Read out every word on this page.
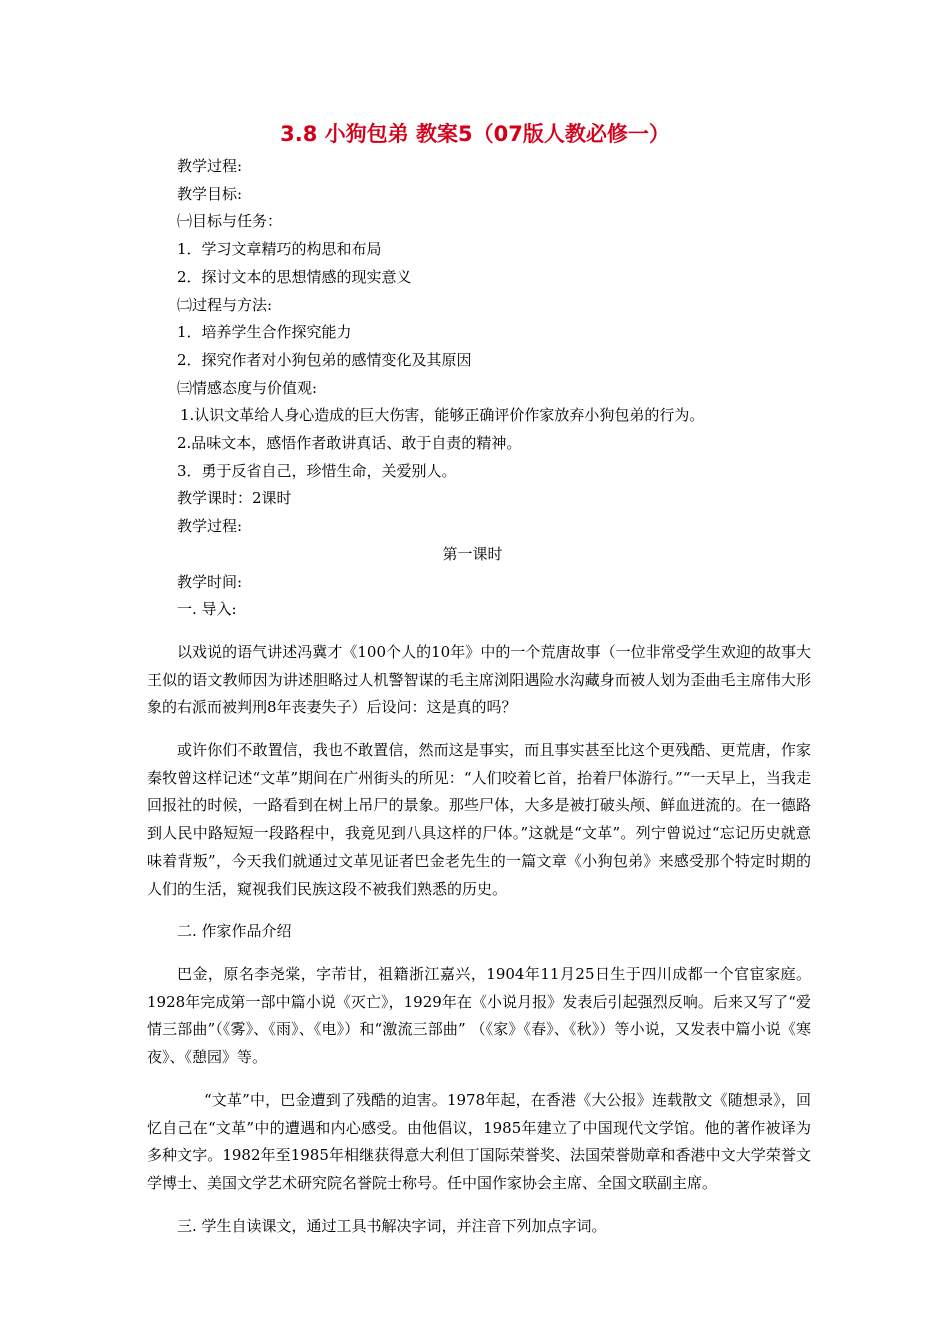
3.8 小狗包弟 教案5（07版人教必修一）
教学过程:
教学目标:
㈠目标与任务：
1．学习文章精巧的构思和布局
2．探讨文本的思想情感的现实意义
㈡过程与方法:
1．培养学生合作探究能力
2．探究作者对小狗包弟的感情变化及其原因
㈢情感态度与价值观:
1.认识文革给人身心造成的巨大伤害，能够正确评价作家放弃小狗包弟的行为。
2.品味文本，感悟作者敢讲真话、敢于自责的精神。
3．勇于反省自己，珍惜生命，关爱别人。
教学课时：2课时
教学过程:
第一课时
教学时间:
一. 导入:

以戏说的语气讲述冯冀才《100个人的10年》中的一个荒唐故事（一位非常受学生欢迎的故事大王似的语文教师因为讲述胆略过人机警智谋的毛主席浏阳遇险水沟藏身而被人划为歪曲毛主席伟大形象的右派而被判刑8年丧妻失子）后设问：这是真的吗？

或许你们不敢置信，我也不敢置信，然而这是事实，而且事实甚至比这个更残酷、更荒唐，作家秦牧曾这样记述“文革”期间在广州街头的所见：“人们咬着匕首，抬着尸体游行。”“一天早上，当我走回报社的时候，一路看到在树上吊尸的景象。那些尸体，大多是被打破头颅、鲜血迸流的。在一德路到人民中路短短一段路程中，我竟见到八具这样的尸体。”这就是“文革”。列宁曾说过“忘记历史就意味着背叛”，今天我们就通过文革见证者巴金老先生的一篇文章《小狗包弟》来感受那个特定时期的人们的生活，窥视我们民族这段不被我们熟悉的历史。

二. 作家作品介绍

巴金，原名李尧棠，字芾甘，祖籍浙江嘉兴，1904年11月25日生于四川成都一个官宦家庭。1928年完成第一部中篇小说《灭亡》，1929年在《小说月报》发表后引起强烈反响。后来又写了“爱情三部曲”（《雾》、《雨》、《电》）和“激流三部曲” （《家》《春》、《秋》）等小说，又发表中篇小说《寒夜》、《憩园》等。

“文革”中，巴金遭到了残酷的迫害。1978年起，在香港《大公报》连载散文《随想录》，回忆自己在“文革”中的遭遇和内心感受。由他倡议，1985年建立了中国现代文学馆。他的著作被译为多种文字。1982年至1985年相继获得意大利但丁国际荣誉奖、法国荣誉勋章和香港中文大学荣誉文学博士、美国文学艺术研究院名誉院士称号。任中国作家协会主席、全国文联副主席。

三. 学生自读课文，通过工具书解决字词，并注音下列加点字词。
